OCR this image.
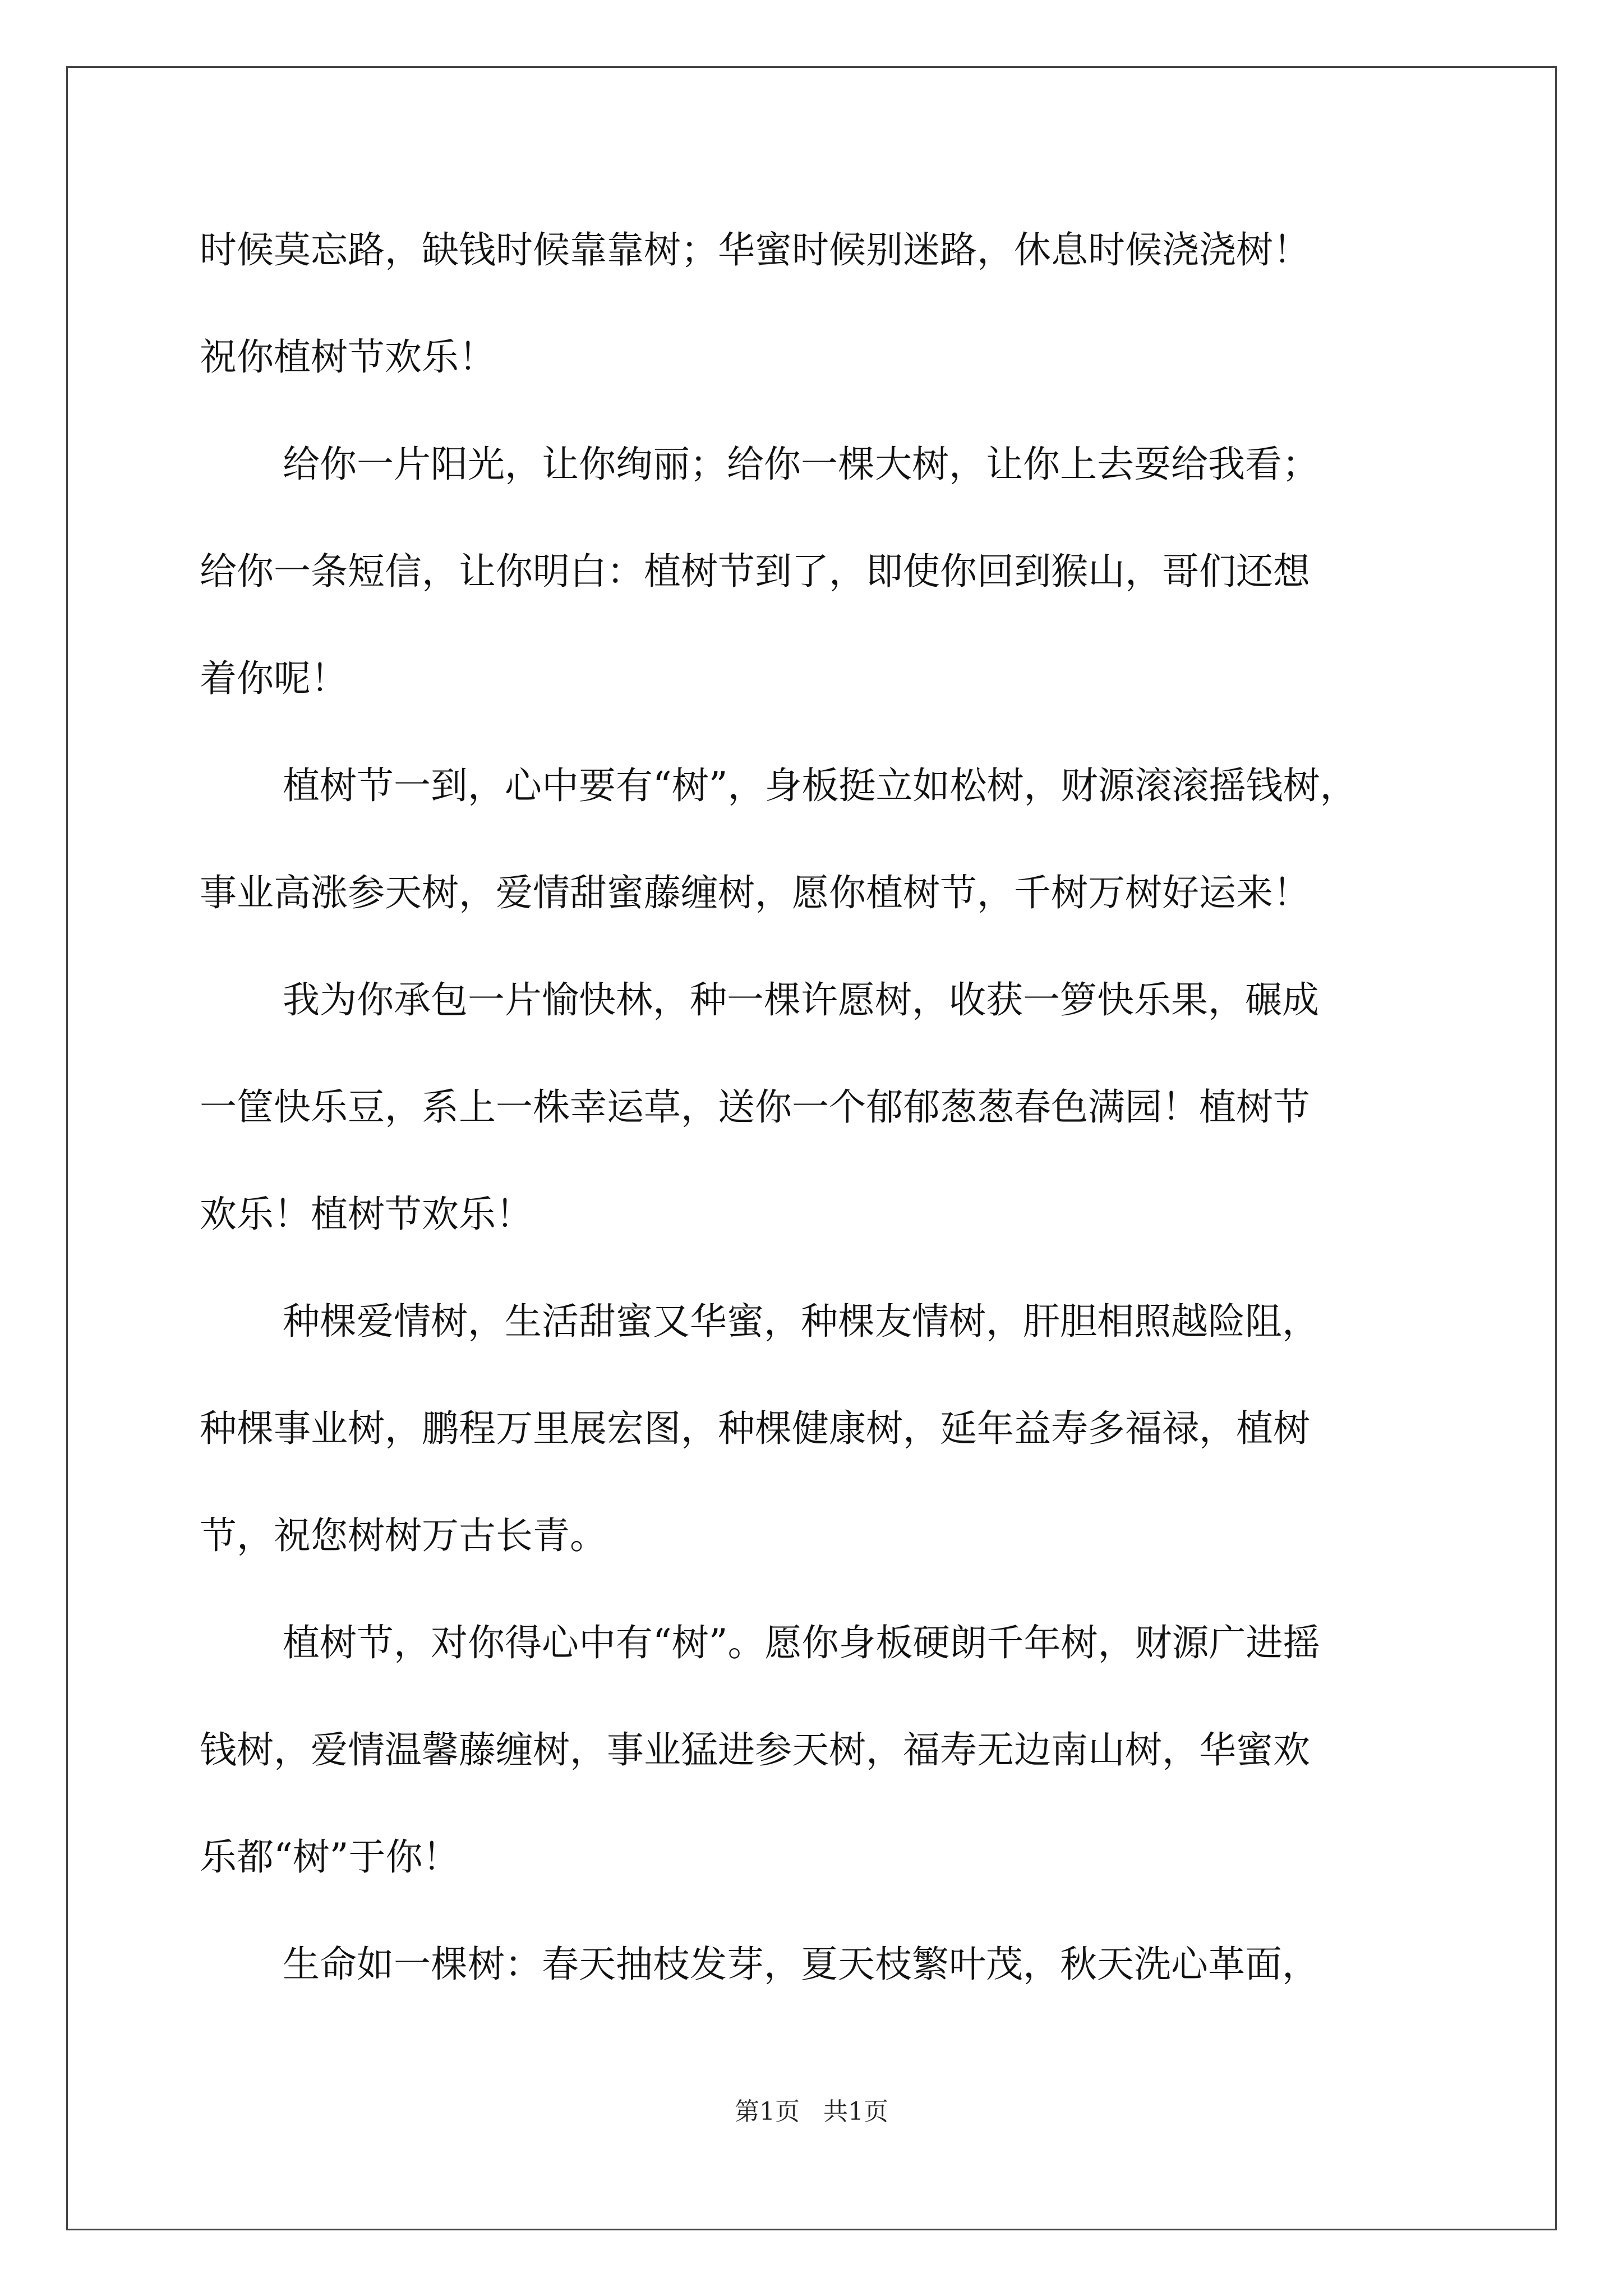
时候莫忘路，缺钱时候靠靠树；华蜜时候别迷路，休息时候浇浇树！
祝你植树节欢乐！
给你一片阳光，让你绚丽；给你一棵大树，让你上去耍给我看；
给你一条短信，让你明白：植树节到了，即使你回到猴山，哥们还想
着你呢！
植树节一到，心中要有“树”，身板挺立如松树，财源滚滚摇钱树，
事业高涨参天树，爱情甜蜜藤缠树，愿你植树节，千树万树好运来！
我为你承包一片愉快林，种一棵许愿树，收获一箩快乐果，碾成
一筐快乐豆，系上一株幸运草，送你一个郁郁葱葱春色满园！植树节
欢乐！植树节欢乐！
种棵爱情树，生活甜蜜又华蜜，种棵友情树，肝胆相照越险阻，
种棵事业树，鹏程万里展宏图，种棵健康树，延年益寿多福禄，植树
节，祝您树树万古长青。
植树节，对你得心中有“树”。愿你身板硬朗千年树，财源广进摇
钱树，爱情温馨藤缠树，事业猛进参天树，福寿无边南山树，华蜜欢
乐都“树”于你！
生命如一棵树：春天抽枝发芽，夏天枝繁叶茂，秋天洗心革面，
第1页 共1页
